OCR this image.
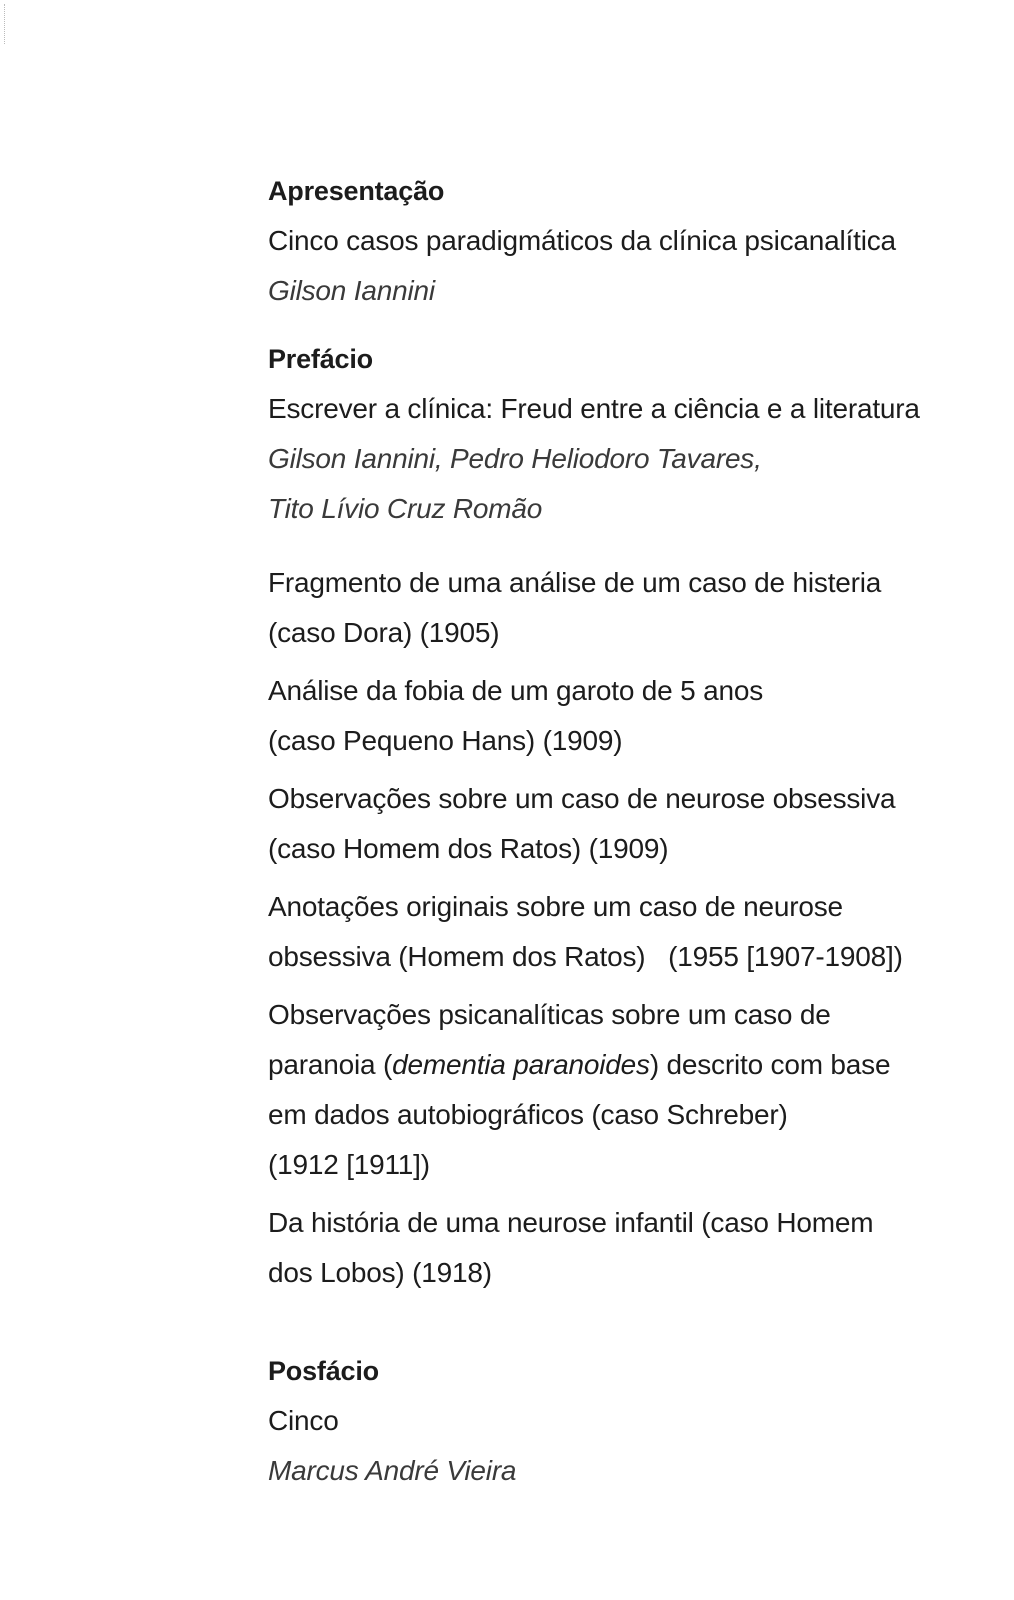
Apresentação
Cinco casos paradigmáticos da clínica psicanalítica
Gilson Iannini
Prefácio
Escrever a clínica: Freud entre a ciência e a literatura
Gilson Iannini, Pedro Heliodoro Tavares,
Tito Lívio Cruz Romão
Fragmento de uma análise de um caso de histeria
(caso Dora) (1905)
Análise da fobia de um garoto de 5 anos
(caso Pequeno Hans) (1909)
Observações sobre um caso de neurose obsessiva
(caso Homem dos Ratos) (1909)
Anotações originais sobre um caso de neurose
obsessiva (Homem dos Ratos)   (1955 [1907-1908])
Observações psicanalíticas sobre um caso de
paranoia (dementia paranoides) descrito com base
em dados autobiográficos (caso Schreber)
(1912 [1911])
Da história de uma neurose infantil (caso Homem
dos Lobos) (1918)
Posfácio
Cinco
Marcus André Vieira
